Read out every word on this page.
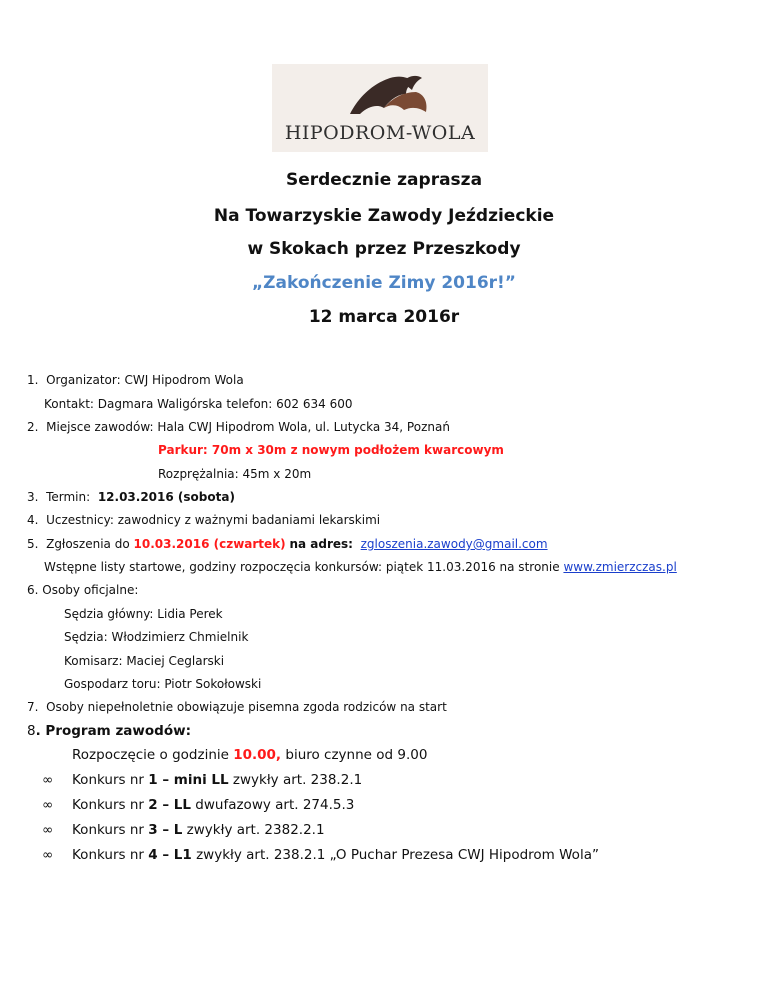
HIPODROM-WOLA
Serdecznie zaprasza
Na Towarzyskie Zawody Jeździeckie
w Skokach przez Przeszkody
„Zakończenie Zimy 2016r!”
12 marca 2016r
1. Organizator: CWJ Hipodrom Wola
Kontakt: Dagmara Waligórska telefon: 602 634 600
2. Miejsce zawodów: Hala CWJ Hipodrom Wola, ul. Lutycka 34, Poznań
Parkur: 70m x 30m z nowym podłożem kwarcowym
Rozprężalnia: 45m x 20m
3. Termin: 12.03.2016 (sobota)
4. Uczestnicy: zawodnicy z ważnymi badaniami lekarskimi
5. Zgłoszenia do 10.03.2016 (czwartek) na adres: zgloszenia.zawody@gmail.com
Wstępne listy startowe, godziny rozpoczęcia konkursów: piątek 11.03.2016 na stronie www.zmierzczas.pl
6. Osoby oficjalne:
Sędzia główny: Lidia Perek
Sędzia: Włodzimierz Chmielnik
Komisarz: Maciej Ceglarski
Gospodarz toru: Piotr Sokołowski
7. Osoby niepełnoletnie obowiązuje pisemna zgoda rodziców na start
8. Program zawodów:
Rozpoczęcie o godzinie 10.00, biuro czynne od 9.00
∞ Konkurs nr 1 – mini LL zwykły art. 238.2.1
∞ Konkurs nr 2 – LL dwufazowy art. 274.5.3
∞ Konkurs nr 3 – L zwykły art. 2382.2.1
∞ Konkurs nr 4 – L1 zwykły art. 238.2.1 „O Puchar Prezesa CWJ Hipodrom Wola”
